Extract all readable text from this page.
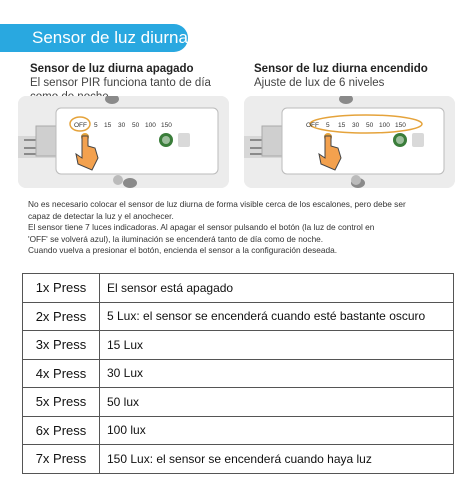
Sensor de luz diurna
Sensor de luz diurna apagado
El sensor PIR funciona tanto de día
Sensor de luz diurna encendido
Ajuste de lux de 6 niveles
OFF 5 15 30 50 100 150	OFF 5 15 30 50 100 150
No es necesario colocar el sensor de luz diurna de forma visible cerca de los escalones, pero debe ser
capaz de detectar la luz y el anochecer.
El sensor tiene 7 luces indicadoras. Al apagar el sensor pulsando el botón (la luz de control en
'OFF' se volverá azul), la iluminación se encenderá tanto de día como de noche.
Cuando vuelva a presionar el botón, encienda el sensor a la configuración deseada.
1x Press	El sensor está apagado
2x Press	5 Lux: el sensor se encenderá cuando esté bastante oscuro
3x Press	15 Lux
4x Press	30 Lux
5x Press	50 lux
6x Press	100 lux
7x Press	150 Lux: el sensor se encenderá cuando haya luz
